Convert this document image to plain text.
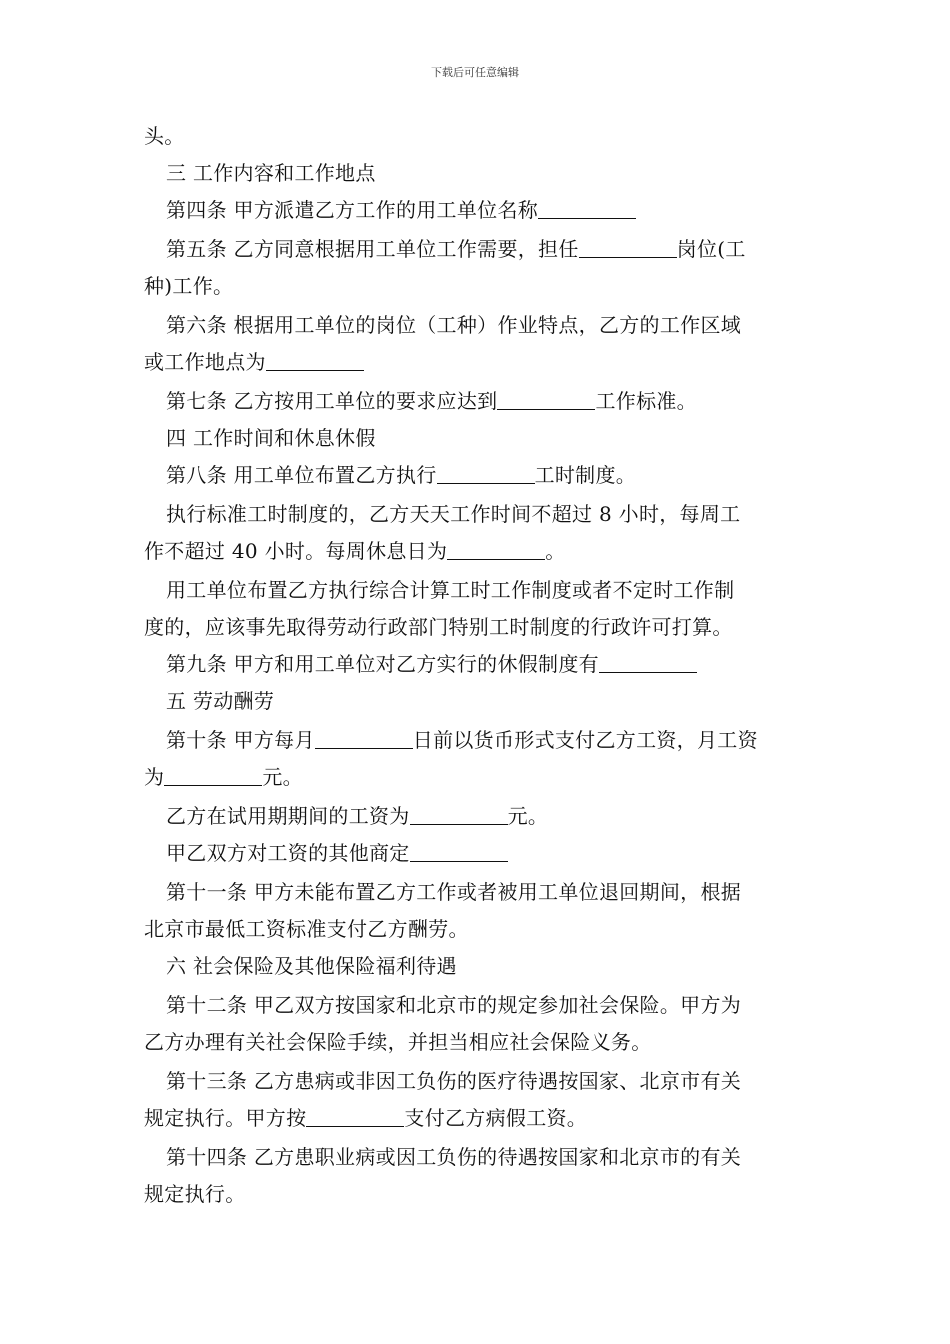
下载后可任意编辑

头。

三 工作内容和工作地点

第四条 甲方派遣乙方工作的用工单位名称

第五条 乙方同意根据用工单位工作需要，担任	岗位(工

种)工作。

第六条 根据用工单位的岗位（工种）作业特点，乙方的工作区域

或工作地点为

第七条 乙方按用工单位的要求应达到	工作标准。

四 工作时间和休息休假

第八条 用工单位布置乙方执行	工时制度。

执行标准工时制度的，乙方天天工作时间不超过 8 小时，每周工

作不超过 40 小时。每周休息日为	。

用工单位布置乙方执行综合计算工时工作制度或者不定时工作制

度的，应该事先取得劳动行政部门特别工时制度的行政许可打算。

第九条 甲方和用工单位对乙方实行的休假制度有

五 劳动酬劳

第十条 甲方每月	日前以货币形式支付乙方工资，月工资

为	元。

乙方在试用期期间的工资为	元。

甲乙双方对工资的其他商定

第十一条 甲方未能布置乙方工作或者被用工单位退回期间，根据

北京市最低工资标准支付乙方酬劳。

六 社会保险及其他保险福利待遇

第十二条 甲乙双方按国家和北京市的规定参加社会保险。甲方为

乙方办理有关社会保险手续，并担当相应社会保险义务。

第十三条 乙方患病或非因工负伤的医疗待遇按国家、北京市有关

规定执行。甲方按	支付乙方病假工资。

第十四条 乙方患职业病或因工负伤的待遇按国家和北京市的有关

规定执行。
